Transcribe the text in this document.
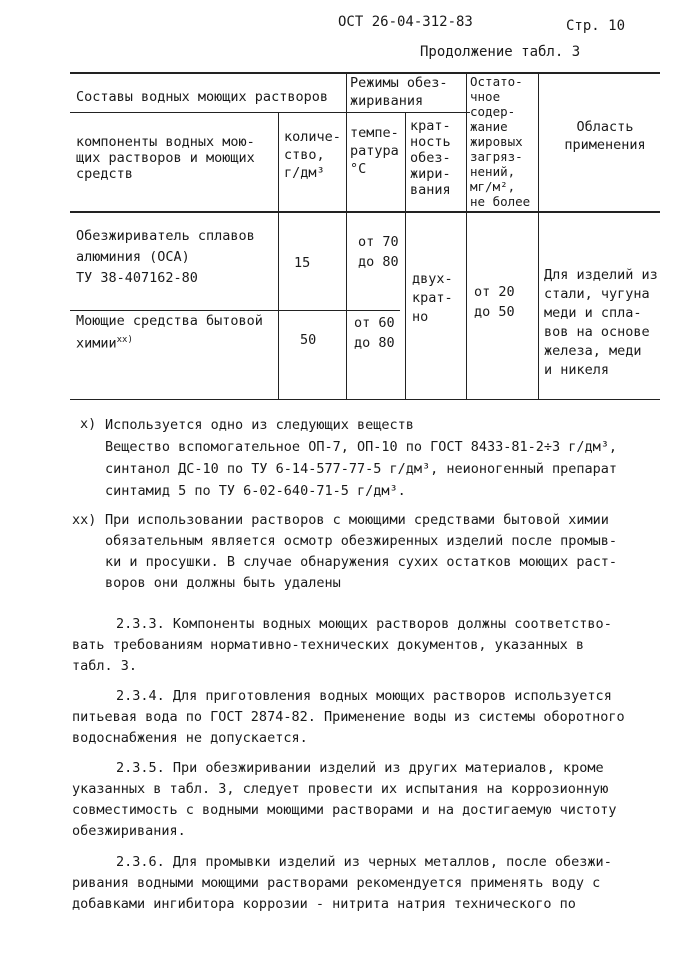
ОСТ 26-04-312-83	Стр. 10
Продолжение табл. 3
Составы водных моющих растворов
Режимы обез-
жиривания
Остато-
чное
содер-
жание
жировых
загряз-
нений,
мг/м²,
не более
Область
применения
компоненты водных мою-
щих растворов и моющих
средств
количе-
ство,
г/дм³
темпе-
ратура
°С
крат-
ность
обез-
жири-
вания
Обезжириватель сплавов
алюминия (ОСА)
ТУ 38-407162-80
15
от 70
до 80
Моющие средства бытовой
химии$^{xx)}$	50
от 60
до 80
двух-
крат-
но
от 20
до 50
Для изделий из
стали, чугуна
меди и спла-
вов на основе
железа, меди
и никеля
x) Используется одно из следующих веществ
Вещество вспомогательное ОП-7, ОП-10 по ГОСТ 8433-81-2÷3 г/дм³,
синтанол ДС-10 по ТУ 6-14-577-77-5 г/дм³, неионогенный препарат
синтамид 5 по ТУ 6-02-640-71-5 г/дм³.
xx) При использовании растворов с моющими средствами бытовой химии
обязательным является осмотр обезжиренных изделий после промыв-
ки и просушки. В случае обнаружения сухих остатков моющих раст-
воров они должны быть удалены
2.3.3. Компоненты водных моющих растворов должны соответство-
вать требованиям нормативно-технических документов, указанных в
табл. 3.
2.3.4. Для приготовления водных моющих растворов используется
питьевая вода по ГОСТ 2874-82. Применение воды из системы оборотного
водоснабжения не допускается.
2.3.5. При обезжиривании изделий из других материалов, кроме
указанных в табл. 3, следует провести их испытания на коррозионную
совместимость с водными моющими растворами и на достигаемую чистоту
обезжиривания.
2.3.6. Для промывки изделий из черных металлов, после обезжи-
ривания водными моющими растворами рекомендуется применять воду с
добавками ингибитора коррозии - нитрита натрия технического по
